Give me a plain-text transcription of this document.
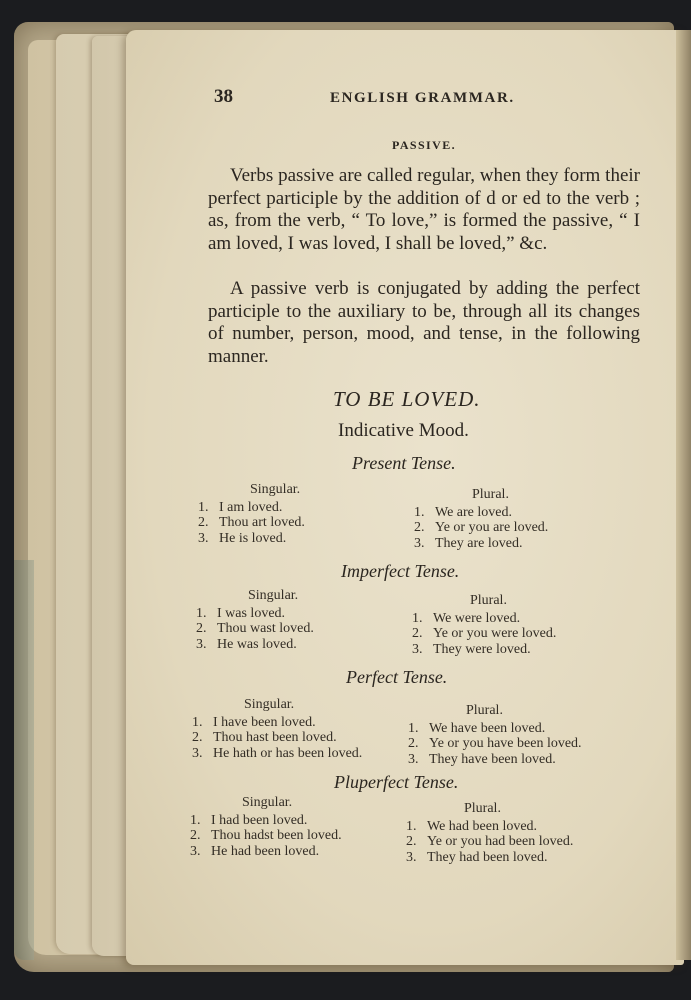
38	ENGLISH GRAMMAR.
PASSIVE.

Verbs passive are called regular, when they form their perfect participle by the addition of d or ed to the verb ; as, from the verb, “ To love,” is formed the passive, “ I am loved, I was loved, I shall be loved,” &c.

A passive verb is conjugated by adding the perfect participle to the auxiliary to be, through all its changes of number, person, mood, and tense, in the following manner.

TO BE LOVED.
Indicative Mood.
Present Tense.
Singular.
1. I am loved.
2. Thou art loved.
3. He is loved.
Plural.
1. We are loved.
2. Ye or you are loved.
3. They are loved.
Imperfect Tense.
Singular.
1. I was loved.
2. Thou wast loved.
3. He was loved.
Plural.
1. We were loved.
2. Ye or you were loved.
3. They were loved.
Perfect Tense.
Singular.
1. I have been loved.
2. Thou hast been loved.
3. He hath or has been loved.
Plural.
1. We have been loved.
2. Ye or you have been loved.
3. They have been loved.
Pluperfect Tense.
Singular.
1. I had been loved.
2. Thou hadst been loved.
3. He had been loved.
Plural.
1. We had been loved.
2. Ye or you had been loved.
3. They had been loved.
